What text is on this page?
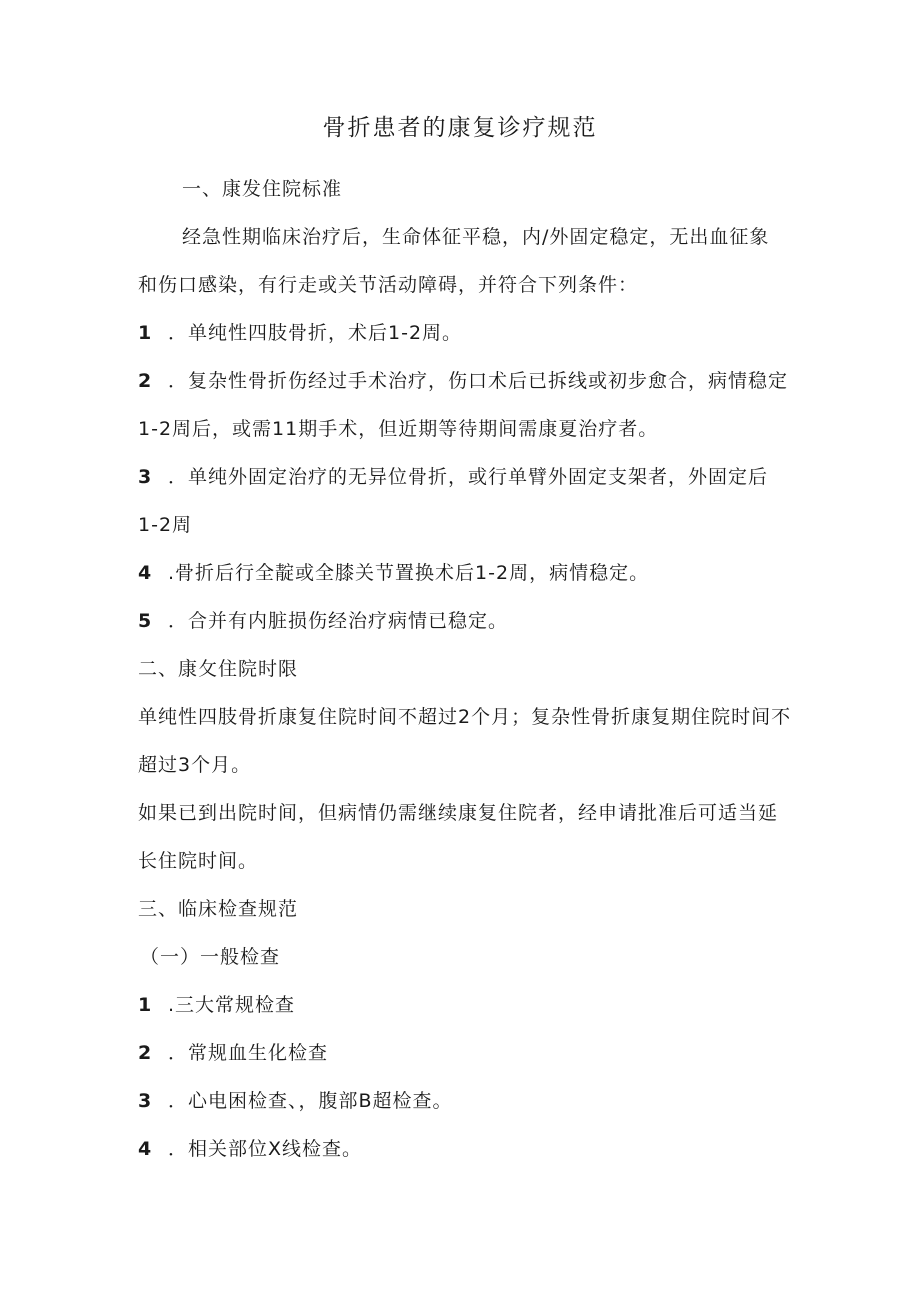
骨折患者的康复诊疗规范
一、康发住院标准
经急性期临床治疗后，生命体征平稳，内/外固定稳定，无出血征象
和伤口感染，有行走或关节活动障碍，并符合下列条件：
1 ．单纯性四肢骨折，术后1-2周。
2 ．复杂性骨折伤经过手术治疗，伤口术后已拆线或初步愈合，病情稳定
1-2周后，或需11期手术，但近期等待期间需康夏治疗者。
3 ．单纯外固定治疗的无异位骨折，或行单臂外固定支架者，外固定后
1-2周
4 .骨折后行全靛或全膝关节置换术后1-2周，病情稳定。
5 ．合并有内脏损伤经治疗病情已稳定。
二、康攵住院时限
单纯性四肢骨折康复住院时间不超过2个月；复杂性骨折康复期住院时间不
超过3个月。
如果已到出院时间，但病情仍需继续康复住院者，经申请批准后可适当延
长住院时间。
三、临床检查规范
（一）一般检查
1 .三大常规检查
2 ．常规血生化检查
3 ．心电困检查、，腹部B超检查。
4 ．相关部位X线检查。
